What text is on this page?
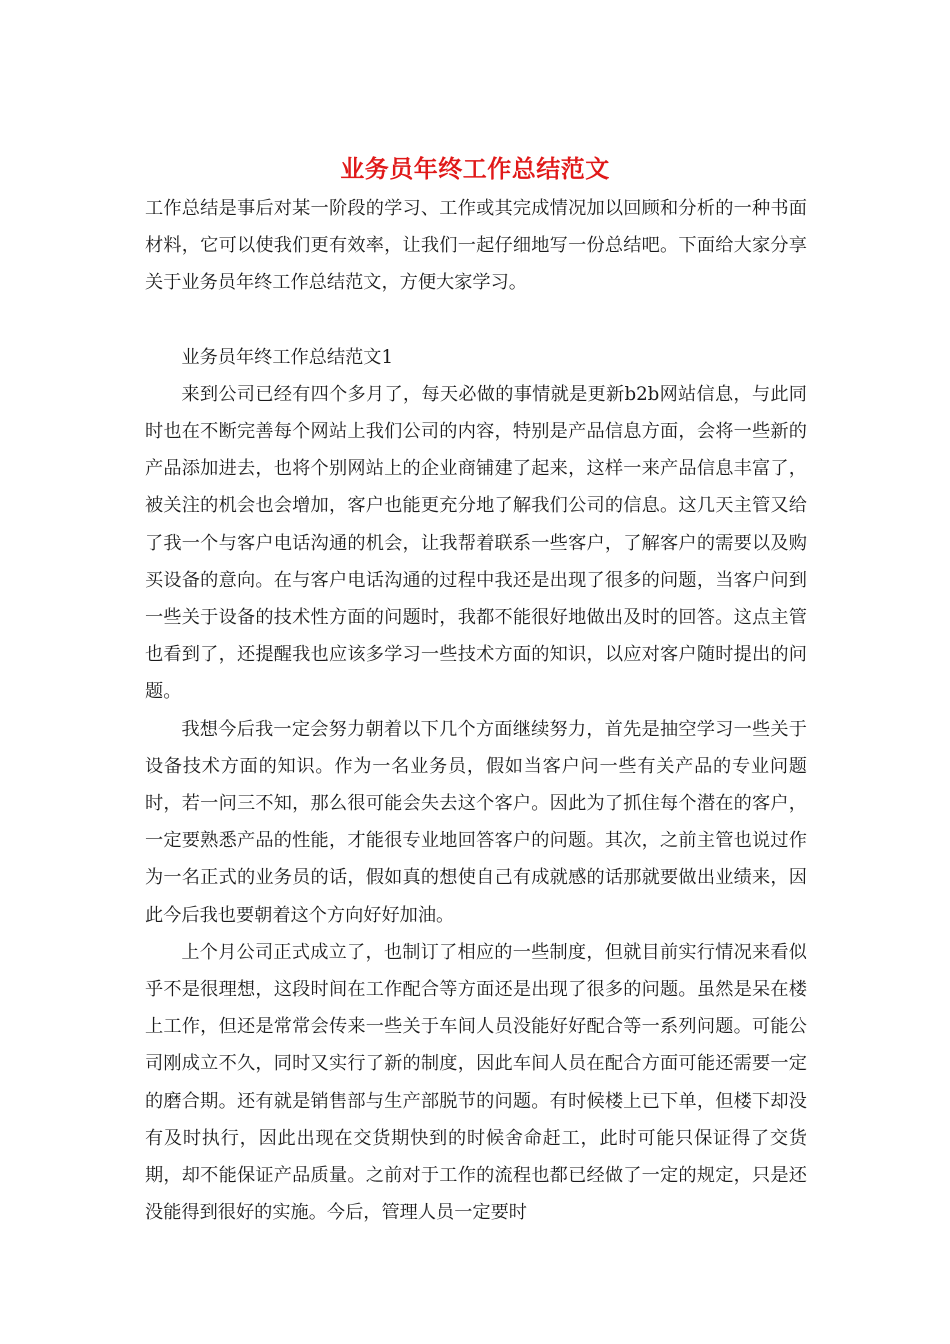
业务员年终工作总结范文

工作总结是事后对某一阶段的学习、工作或其完成情况加以回顾和分析的一种书面材料，它可以使我们更有效率，让我们一起仔细地写一份总结吧。下面给大家分享关于业务员年终工作总结范文，方便大家学习。

业务员年终工作总结范文1

来到公司已经有四个多月了，每天必做的事情就是更新b2b网站信息，与此同时也在不断完善每个网站上我们公司的内容，特别是产品信息方面，会将一些新的产品添加进去，也将个别网站上的企业商铺建了起来，这样一来产品信息丰富了，被关注的机会也会增加，客户也能更充分地了解我们公司的信息。这几天主管又给了我一个与客户电话沟通的机会，让我帮着联系一些客户，了解客户的需要以及购买设备的意向。在与客户电话沟通的过程中我还是出现了很多的问题，当客户问到一些关于设备的技术性方面的问题时，我都不能很好地做出及时的回答。这点主管也看到了，还提醒我也应该多学习一些技术方面的知识，以应对客户随时提出的问题。

我想今后我一定会努力朝着以下几个方面继续努力，首先是抽空学习一些关于设备技术方面的知识。作为一名业务员，假如当客户问一些有关产品的专业问题时，若一问三不知，那么很可能会失去这个客户。因此为了抓住每个潜在的客户，一定要熟悉产品的性能，才能很专业地回答客户的问题。其次，之前主管也说过作为一名正式的业务员的话，假如真的想使自己有成就感的话那就要做出业绩来，因此今后我也要朝着这个方向好好加油。

上个月公司正式成立了，也制订了相应的一些制度，但就目前实行情况来看似乎不是很理想，这段时间在工作配合等方面还是出现了很多的问题。虽然是呆在楼上工作，但还是常常会传来一些关于车间人员没能好好配合等一系列问题。可能公司刚成立不久，同时又实行了新的制度，因此车间人员在配合方面可能还需要一定的磨合期。还有就是销售部与生产部脱节的问题。有时候楼上已下单，但楼下却没有及时执行，因此出现在交货期快到的时候舍命赶工，此时可能只保证得了交货期，却不能保证产品质量。之前对于工作的流程也都已经做了一定的规定，只是还没能得到很好的实施。今后，管理人员一定要时
